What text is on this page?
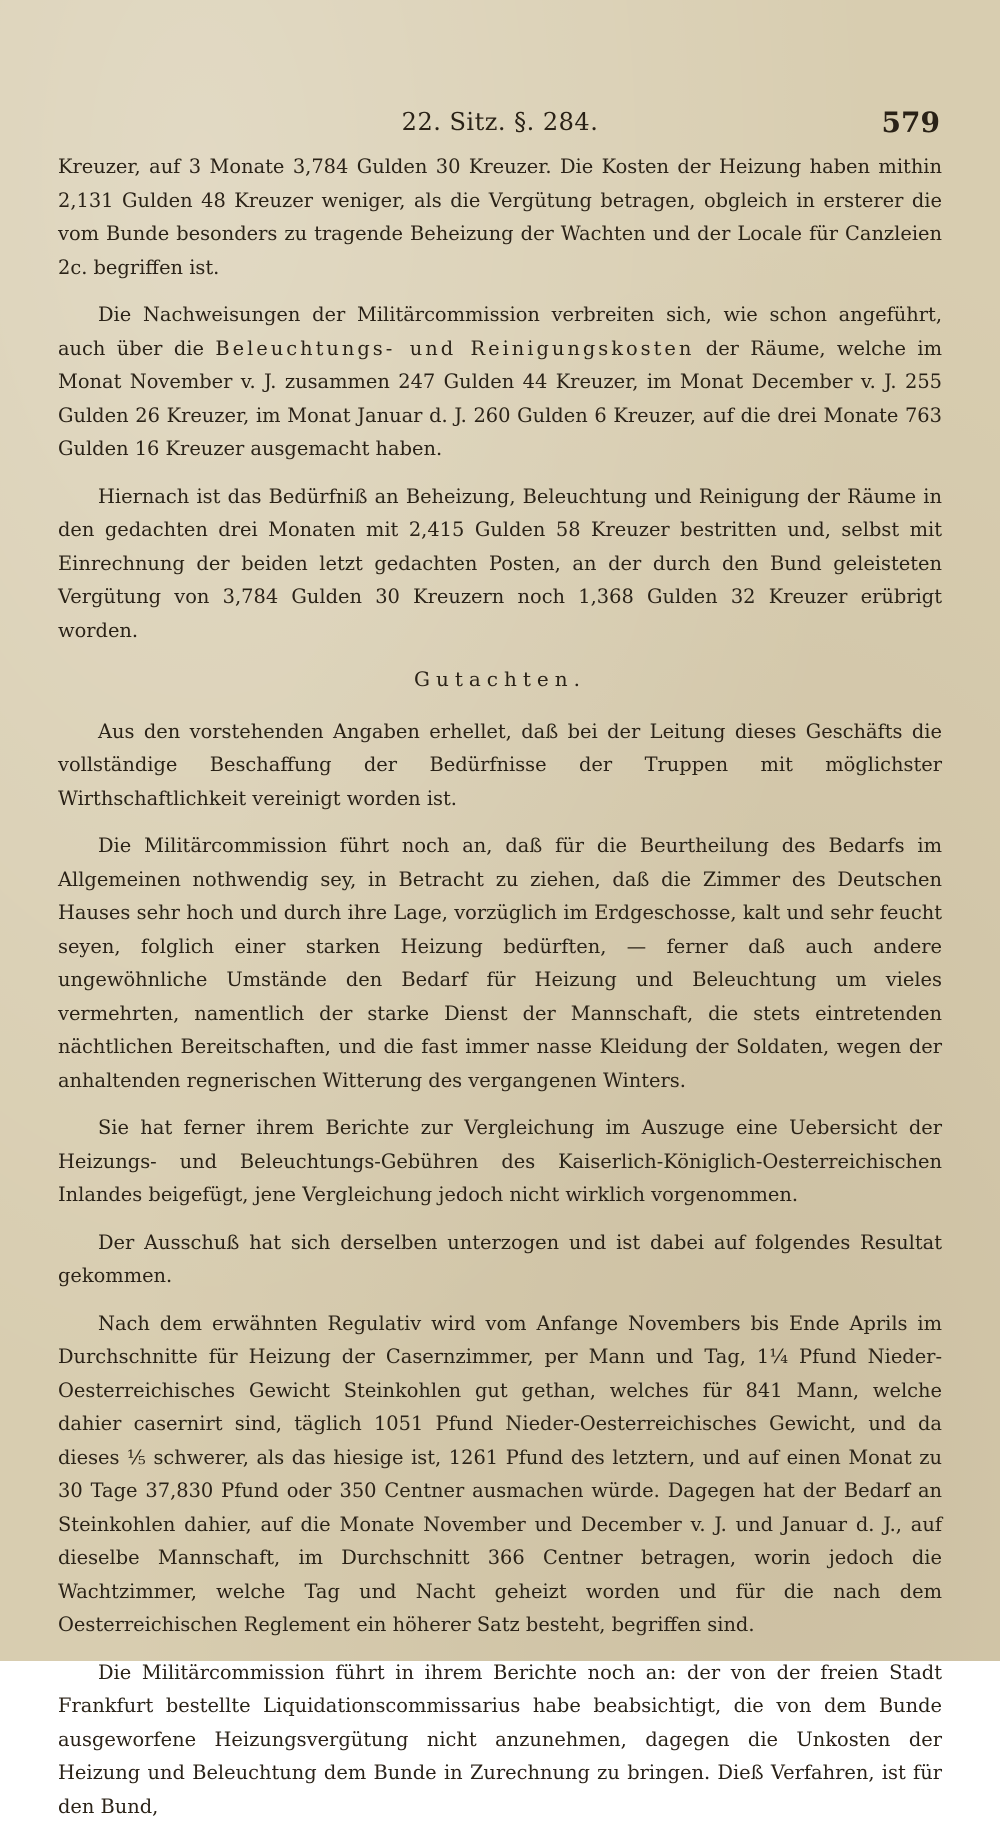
22. Sitz. §. 284.	579

Kreuzer, auf 3 Monate 3,784 Gulden 30 Kreuzer. Die Kosten der Heizung haben mithin 2,131 Gulden 48 Kreuzer weniger, als die Vergütung betragen, obgleich in ersterer die vom Bunde besonders zu tragende Beheizung der Wachten und der Locale für Canzleien 2c. begriffen ist.

Die Nachweisungen der Militärcommission verbreiten sich, wie schon angeführt, auch über die Beleuchtungs- und Reinigungskosten der Räume, welche im Monat November v. J. zusammen 247 Gulden 44 Kreuzer, im Monat December v. J. 255 Gulden 26 Kreuzer, im Monat Januar d. J. 260 Gulden 6 Kreuzer, auf die drei Monate 763 Gulden 16 Kreuzer ausgemacht haben.

Hiernach ist das Bedürfniß an Beheizung, Beleuchtung und Reinigung der Räume in den gedachten drei Monaten mit 2,415 Gulden 58 Kreuzer bestritten und, selbst mit Einrechnung der beiden letzt gedachten Posten, an der durch den Bund geleisteten Vergütung von 3,784 Gulden 30 Kreuzern noch 1,368 Gulden 32 Kreuzer erübrigt worden.

Gutachten.

Aus den vorstehenden Angaben erhellet, daß bei der Leitung dieses Geschäfts die vollständige Beschaffung der Bedürfnisse der Truppen mit möglichster Wirthschaftlichkeit vereinigt worden ist.

Die Militärcommission führt noch an, daß für die Beurtheilung des Bedarfs im Allgemeinen nothwendig sey, in Betracht zu ziehen, daß die Zimmer des Deutschen Hauses sehr hoch und durch ihre Lage, vorzüglich im Erdgeschosse, kalt und sehr feucht seyen, folglich einer starken Heizung bedürften, — ferner daß auch andere ungewöhnliche Umstände den Bedarf für Heizung und Beleuchtung um vieles vermehrten, namentlich der starke Dienst der Mannschaft, die stets eintretenden nächtlichen Bereitschaften, und die fast immer nasse Kleidung der Soldaten, wegen der anhaltenden regnerischen Witterung des vergangenen Winters.

Sie hat ferner ihrem Berichte zur Vergleichung im Auszuge eine Uebersicht der Heizungs- und Beleuchtungs-Gebühren des Kaiserlich-Königlich-Oesterreichischen Inlandes beigefügt, jene Vergleichung jedoch nicht wirklich vorgenommen.

Der Ausschuß hat sich derselben unterzogen und ist dabei auf folgendes Resultat gekommen.

Nach dem erwähnten Regulativ wird vom Anfange Novembers bis Ende Aprils im Durchschnitte für Heizung der Casernzimmer, per Mann und Tag, 1¼ Pfund Nieder-Oesterreichisches Gewicht Steinkohlen gut gethan, welches für 841 Mann, welche dahier casernirt sind, täglich 1051 Pfund Nieder-Oesterreichisches Gewicht, und da dieses ⅕ schwerer, als das hiesige ist, 1261 Pfund des letztern, und auf einen Monat zu 30 Tage 37,830 Pfund oder 350 Centner ausmachen würde. Dagegen hat der Bedarf an Steinkohlen dahier, auf die Monate November und December v. J. und Januar d. J., auf dieselbe Mannschaft, im Durchschnitt 366 Centner betragen, worin jedoch die Wachtzimmer, welche Tag und Nacht geheizt worden und für die nach dem Oesterreichischen Reglement ein höherer Satz besteht, begriffen sind.

Die Militärcommission führt in ihrem Berichte noch an: der von der freien Stadt Frankfurt bestellte Liquidationscommissarius habe beabsichtigt, die von dem Bunde ausgeworfene Heizungsvergütung nicht anzunehmen, dagegen die Unkosten der Heizung und Beleuchtung dem Bunde in Zurechnung zu bringen. Dieß Verfahren, ist für den Bund,
